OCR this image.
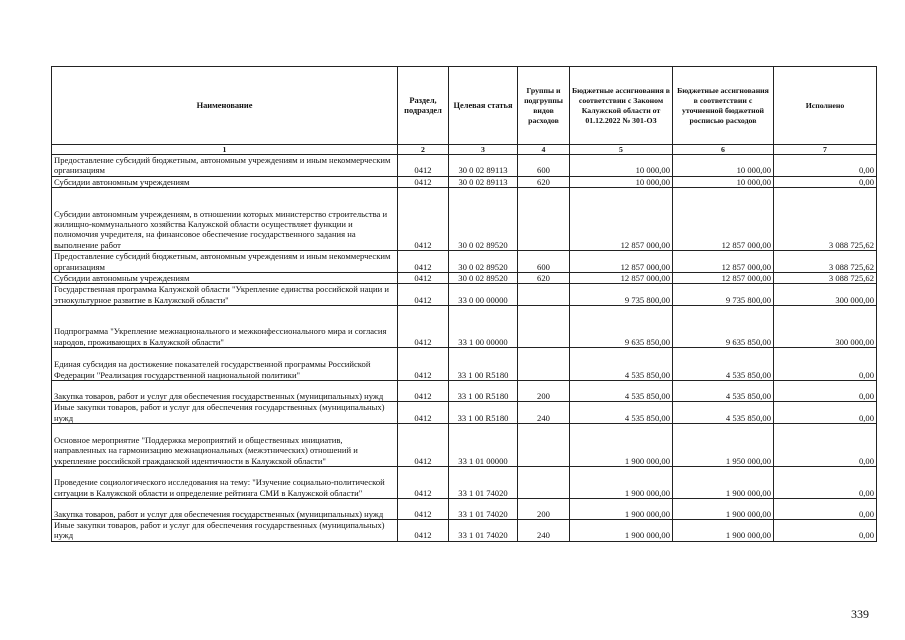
Наименование	Раздел, подраздел	Целевая статья	Группы и подгруппы видов расходов	Бюджетные ассигнования в соответствии с Законом Калужской области от 01.12.2022 № 301-ОЗ	Бюджетные ассигнования в соответствии с уточненной бюджетной росписью расходов	Исполнено
1	2	3	4	5	6	7
Предоставление субсидий бюджетным, автономным учреждениям и иным некоммерческим организациям	0412	30 0 02 89113	600	10 000,00	10 000,00	0,00
Субсидии автономным учреждениям	0412	30 0 02 89113	620	10 000,00	10 000,00	0,00
Субсидии автономным учреждениям, в отношении которых министерство строительства и жилищно-коммунального хозяйства Калужской области осуществляет функции и полномочия учредителя, на финансовое обеспечение государственного задания на выполнение работ	0412	30 0 02 89520		12 857 000,00	12 857 000,00	3 088 725,62
Предоставление субсидий бюджетным, автономным учреждениям и иным некоммерческим организациям	0412	30 0 02 89520	600	12 857 000,00	12 857 000,00	3 088 725,62
Субсидии автономным учреждениям	0412	30 0 02 89520	620	12 857 000,00	12 857 000,00	3 088 725,62
Государственная программа Калужской области "Укрепление единства российской нации и этнокультурное развитие в Калужской области"	0412	33 0 00 00000		9 735 800,00	9 735 800,00	300 000,00
Подпрограмма "Укрепление межнационального и межконфессионального мира и согласия народов, проживающих в Калужской области"	0412	33 1 00 00000		9 635 850,00	9 635 850,00	300 000,00
Единая субсидия на достижение показателей государственной программы Российской Федерации "Реализация государственной национальной политики"	0412	33 1 00 R5180		4 535 850,00	4 535 850,00	0,00
Закупка товаров, работ и услуг для обеспечения государственных (муниципальных) нужд	0412	33 1 00 R5180	200	4 535 850,00	4 535 850,00	0,00
Иные закупки товаров, работ и услуг для обеспечения государственных (муниципальных) нужд	0412	33 1 00 R5180	240	4 535 850,00	4 535 850,00	0,00
Основное мероприятие "Поддержка мероприятий и общественных инициатив, направленных на гармонизацию межнациональных (межэтнических) отношений и укрепление российской гражданской идентичности в Калужской области"	0412	33 1 01 00000		1 900 000,00	1 950 000,00	0,00
Проведение социологического исследования на тему: "Изучение социально-политической ситуации в Калужской области и определение рейтинга СМИ в Калужской области"	0412	33 1 01 74020		1 900 000,00	1 900 000,00	0,00
Закупка товаров, работ и услуг для обеспечения государственных (муниципальных) нужд	0412	33 1 01 74020	200	1 900 000,00	1 900 000,00	0,00
Иные закупки товаров, работ и услуг для обеспечения государственных (муниципальных) нужд	0412	33 1 01 74020	240	1 900 000,00	1 900 000,00	0,00
339
